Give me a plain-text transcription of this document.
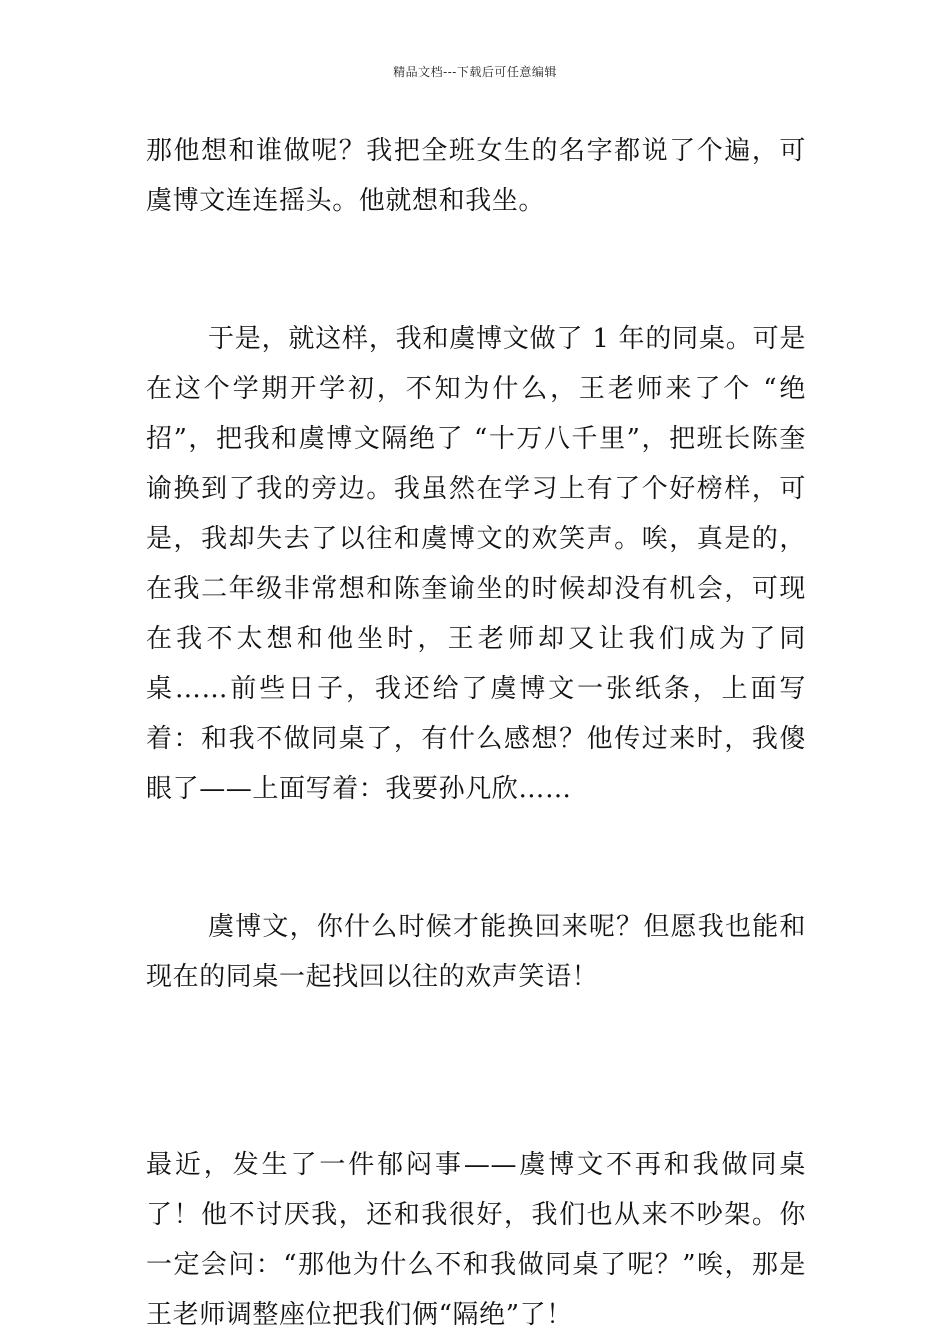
精品文档---下载后可任意编辑

那他想和谁做呢？我把全班女生的名字都说了个遍，可虞博文连连摇头。他就想和我坐。

于是，就这样，我和虞博文做了 1 年的同桌。可是在这个学期开学初，不知为什么，王老师来了个 “绝招”，把我和虞博文隔绝了 “十万八千里”，把班长陈奎谕换到了我的旁边。我虽然在学习上有了个好榜样，可是，我却失去了以往和虞博文的欢笑声。唉，真是的，在我二年级非常想和陈奎谕坐的时候却没有机会，可现在我不太想和他坐时，王老师却又让我们成为了同桌……前些日子，我还给了虞博文一张纸条，上面写着：和我不做同桌了，有什么感想？他传过来时，我傻眼了——上面写着：我要孙凡欣……

虞博文，你什么时候才能换回来呢？但愿我也能和现在的同桌一起找回以往的欢声笑语！

最近，发生了一件郁闷事——虞博文不再和我做同桌了！他不讨厌我，还和我很好，我们也从来不吵架。你一定会问：“那他为什么不和我做同桌了呢？”唉，那是王老师调整座位把我们俩“隔绝”了！
